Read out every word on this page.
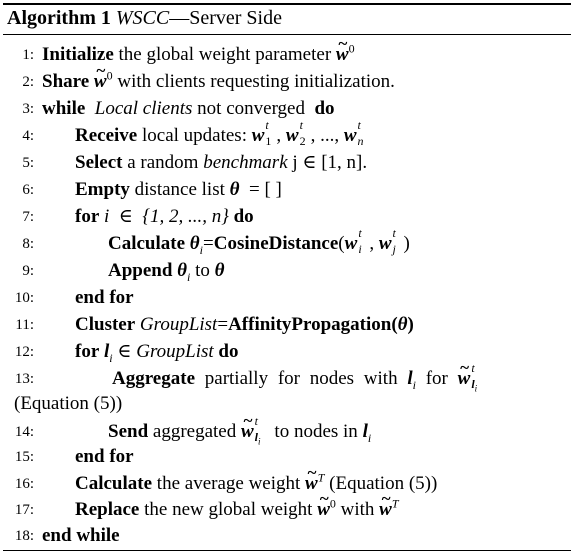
Algorithm 1 WSCC—Server Side
1: Initialize the global weight parameter ~ $w^0$
2: Share ~ $w^0$ with clients requesting initialization.
3: while Local clients not converged do
4: Receive local updates: w t
1 , w t
2 , ..., w t
n
5: Select a random benchmark j ∈ [1, n].
6: Empty distance list θ = [ ]
7: for i  ∈  {1, 2, ..., n} do
8:	Calculate $\theta_i=CosineDistance(w$ t
i , w t
j )
9:	Append $\theta_i$ to θ
10: end for
11: Cluster GroupList=AffinityPropagation(θ)
12: for $l_i$ ∈ GroupList do
13:	Aggregate partially for nodes with $l_i$ for ~ w t
$l_i$
(Equation (5))
14:	Send aggregated ~ w t
$l_i$ to nodes in $l_i$
15: end for
16: Calculate the average weight ~ $w^T$ (Equation (5))
17: Replace the new global weight ~ $w^0$ with ~ $w^T$
18: end while
